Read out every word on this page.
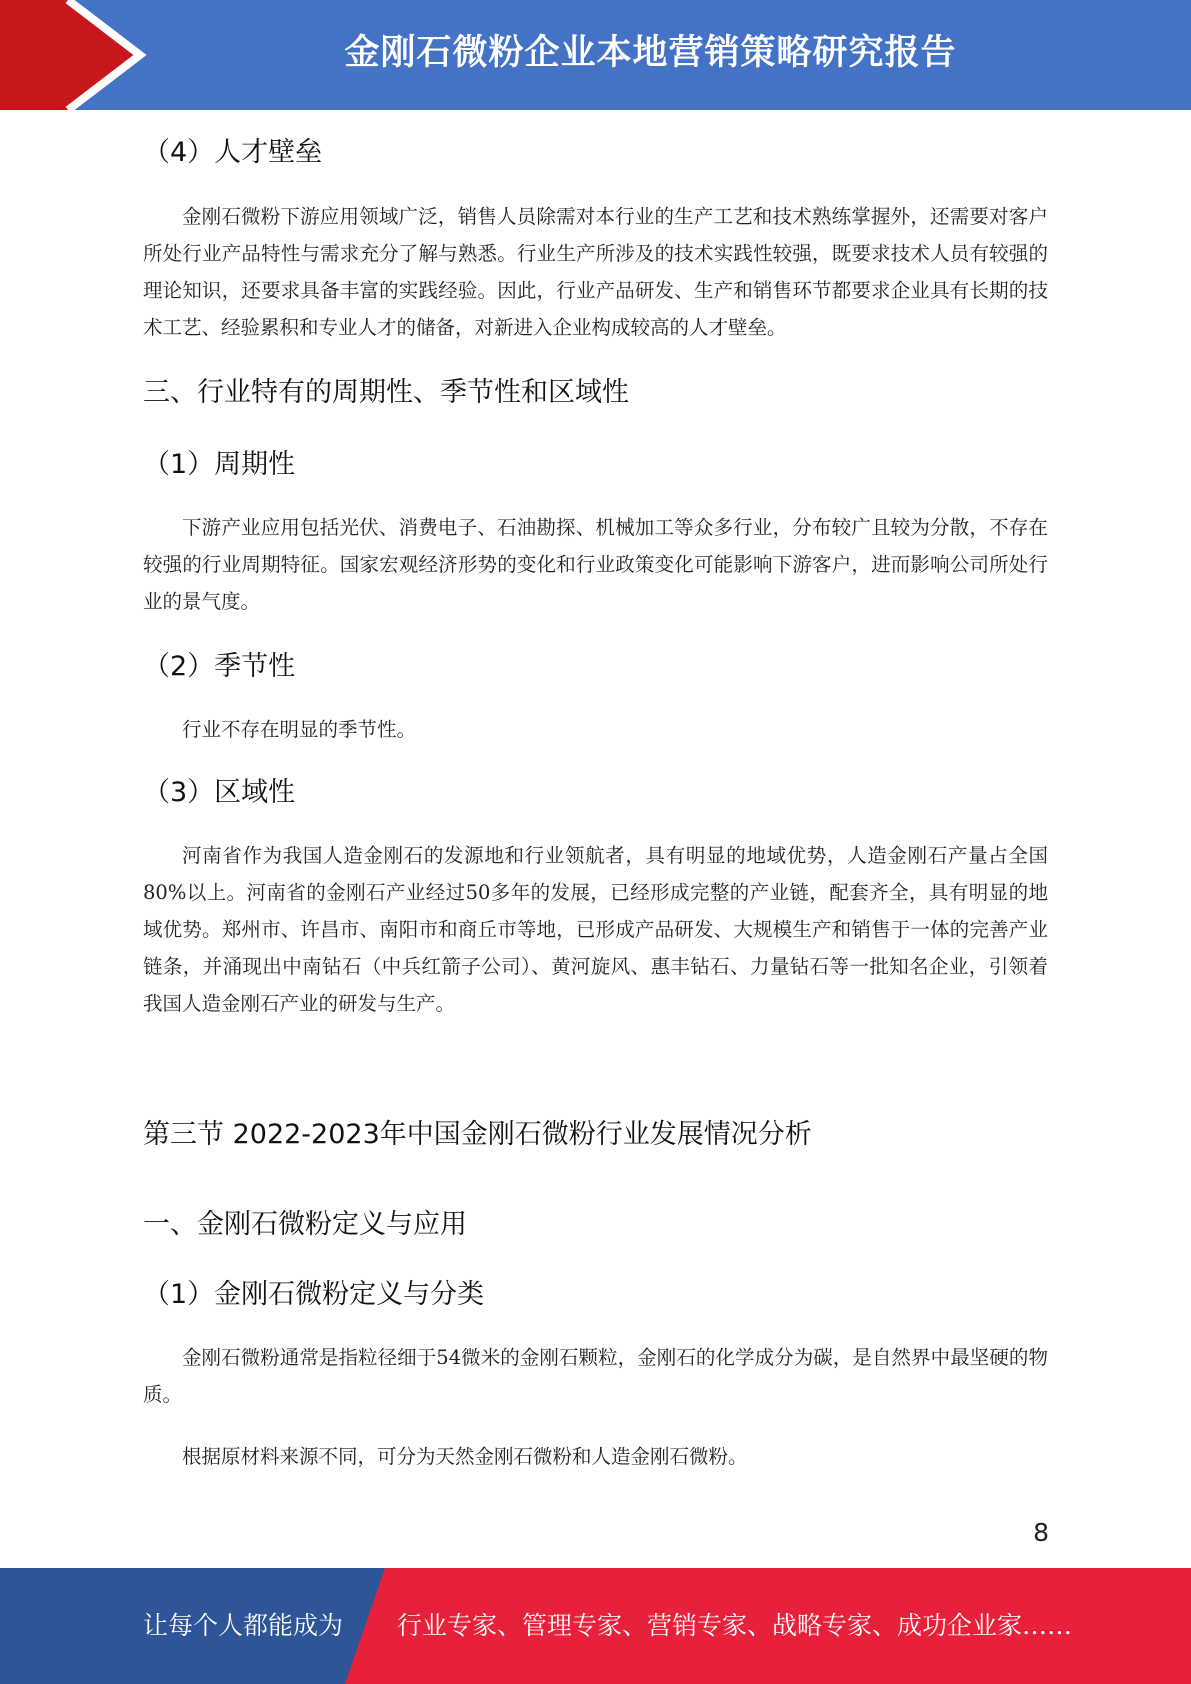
金刚石微粉企业本地营销策略研究报告
（4）人才壁垒

金刚石微粉下游应用领域广泛，销售人员除需对本行业的生产工艺和技术熟练掌握外，还需要对客户所处行业产品特性与需求充分了解与熟悉。行业生产所涉及的技术实践性较强，既要求技术人员有较强的理论知识，还要求具备丰富的实践经验。因此，行业产品研发、生产和销售环节都要求企业具有长期的技术工艺、经验累积和专业人才的储备，对新进入企业构成较高的人才壁垒。

三、行业特有的周期性、季节性和区域性
（1）周期性

下游产业应用包括光伏、消费电子、石油勘探、机械加工等众多行业，分布较广且较为分散，不存在较强的行业周期特征。国家宏观经济形势的变化和行业政策变化可能影响下游客户，进而影响公司所处行业的景气度。

（2）季节性

行业不存在明显的季节性。

（3）区域性

河南省作为我国人造金刚石的发源地和行业领航者，具有明显的地域优势，人造金刚石产量占全国80%以上。河南省的金刚石产业经过50多年的发展，已经形成完整的产业链，配套齐全，具有明显的地域优势。郑州市、许昌市、南阳市和商丘市等地，已形成产品研发、大规模生产和销售于一体的完善产业链条，并涌现出中南钻石（中兵红箭子公司）、黄河旋风、惠丰钻石、力量钻石等一批知名企业，引领着我国人造金刚石产业的研发与生产。

第三节 2022-2023年中国金刚石微粉行业发展情况分析
一、金刚石微粉定义与应用
（1）金刚石微粉定义与分类

金刚石微粉通常是指粒径细于54微米的金刚石颗粒，金刚石的化学成分为碳，是自然界中最坚硬的物质。

根据原材料来源不同，可分为天然金刚石微粉和人造金刚石微粉。

8
让每个人都能成为 行业专家、管理专家、营销专家、战略专家、成功企业家……
